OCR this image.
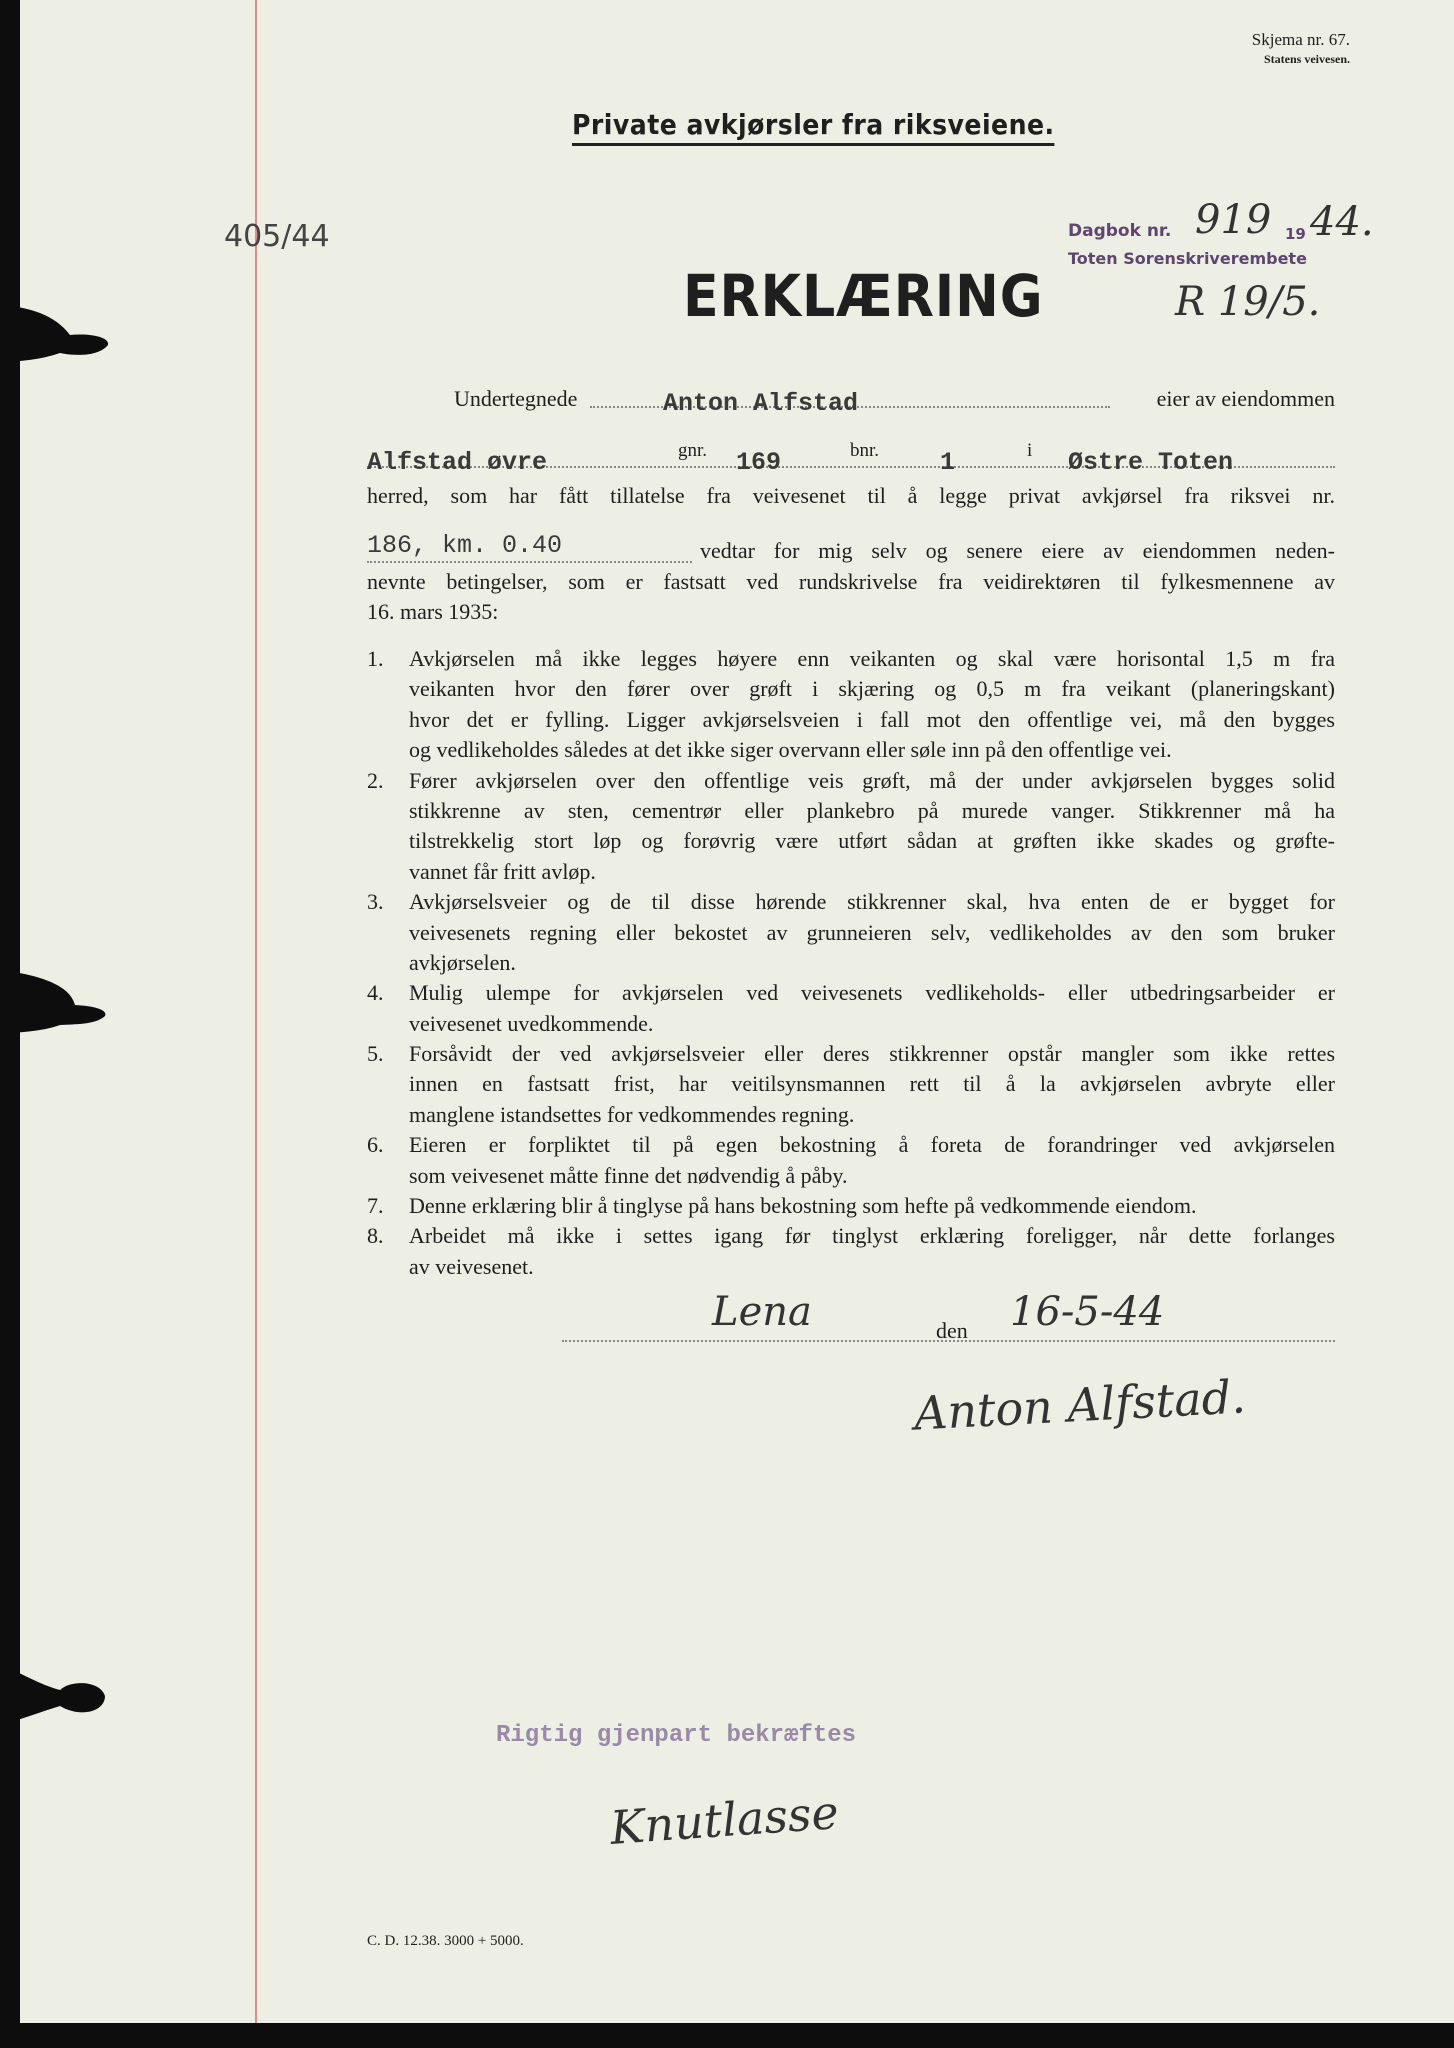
Skjema nr. 67.
Statens veivesen.
Private avkjørsler fra riksveiene.
405/44
ERKLÆRING
Dagbok nr. 919 19 44.
Toten Sorenskriverembete
R 19/5.
Undertegnede	Anton Alfstad	eier av eiendommen
Alfstad øvre	gnr. 169	bnr. 1	i Østre Toten
herred, som har fått tillatelse fra veivesenet til å legge privat avkjørsel fra riksvei nr.
186, km. 0.40	vedtar for mig selv og senere eiere av eiendommen neden-
nevnte betingelser, som er fastsatt ved rundskrivelse fra veidirektøren til fylkesmennene av
16. mars 1935:
1. Avkjørselen må ikke legges høyere enn veikanten og skal være horisontal 1,5 m fra
veikanten hvor den fører over grøft i skjæring og 0,5 m fra veikant (planeringskant)
hvor det er fylling. Ligger avkjørselsveien i fall mot den offentlige vei, må den bygges
og vedlikeholdes således at det ikke siger overvann eller søle inn på den offentlige vei.
2. Fører avkjørselen over den offentlige veis grøft, må der under avkjørselen bygges solid
stikkrenne av sten, cementrør eller plankebro på murede vanger. Stikkrenner må ha
tilstrekkelig stort løp og forøvrig være utført sådan at grøften ikke skades og grøfte-
vannet får fritt avløp.
3. Avkjørselsveier og de til disse hørende stikkrenner skal, hva enten de er bygget for
veivesenets regning eller bekostet av grunneieren selv, vedlikeholdes av den som bruker
avkjørselen.
4. Mulig ulempe for avkjørselen ved veivesenets vedlikeholds- eller utbedringsarbeider er
veivesenet uvedkommende.
5. Forsåvidt der ved avkjørselsveier eller deres stikkrenner opstår mangler som ikke rettes
innen en fastsatt frist, har veitilsynsmannen rett til å la avkjørselen avbryte eller
manglene istandsettes for vedkommendes regning.
6. Eieren er forpliktet til på egen bekostning å foreta de forandringer ved avkjørselen
som veivesenet måtte finne det nødvendig å påby.
7. Denne erklæring blir å tinglyse på hans bekostning som hefte på vedkommende eiendom.
8. Arbeidet må ikke i settes igang før tinglyst erklæring foreligger, når dette forlanges
av veivesenet.
Lena	den 16-5-44
Anton Alfstad.
Rigtig gjenpart bekræftes
Knutlasse
C. D. 12.38. 3000 + 5000.
